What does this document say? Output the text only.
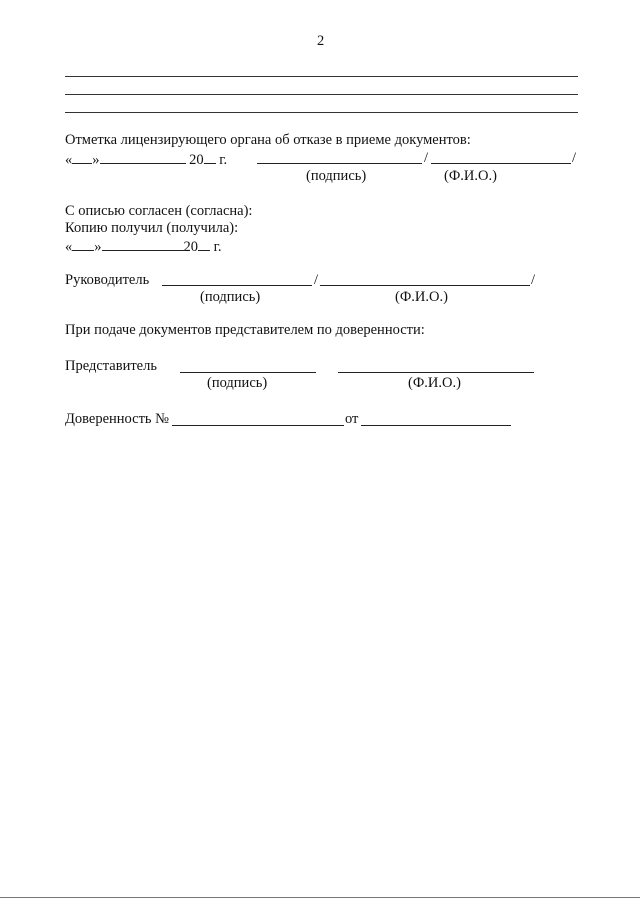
2
Отметка лицензирующего органа об отказе в приеме документов:
« »	20 г.	/	/
(подпись)	(Ф.И.О.)
С описью согласен (согласна):
Копию получил (получила):
« »	20 г.
Руководитель	/	/
(подпись)	(Ф.И.О.)
При подаче документов представителем по доверенности:
Представитель
(подпись)	(Ф.И.О.)
Доверенность №	от
